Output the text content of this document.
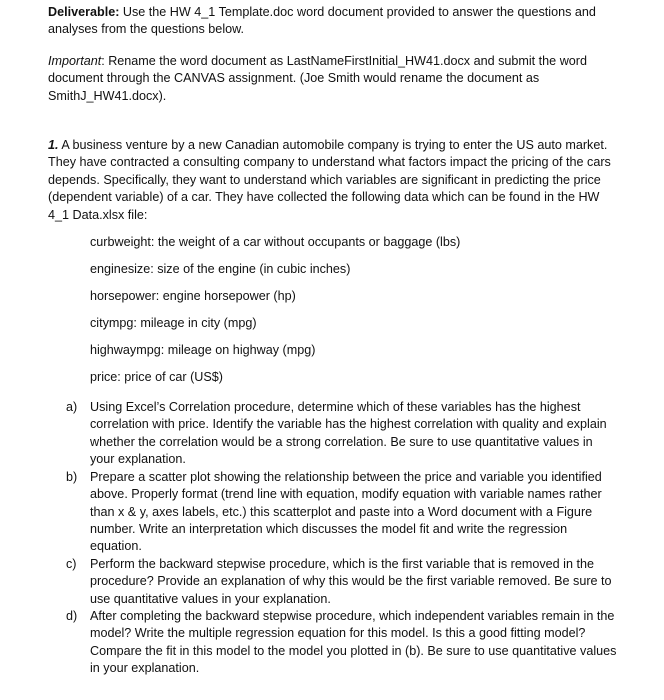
Deliverable: Use the HW 4_1 Template.doc word document provided to answer the questions and analyses from the questions below.

Important: Rename the word document as LastNameFirstInitial_HW41.docx and submit the word document through the CANVAS assignment. (Joe Smith would rename the document as SmithJ_HW41.docx).

1. A business venture by a new Canadian automobile company is trying to enter the US auto market. They have contracted a consulting company to understand what factors impact the pricing of the cars depends. Specifically, they want to understand which variables are significant in predicting the price (dependent variable) of a car. They have collected the following data which can be found in the HW 4_1 Data.xlsx file:

curbweight: the weight of a car without occupants or baggage (lbs)
enginesize: size of the engine (in cubic inches)
horsepower: engine horsepower (hp)
citympg: mileage in city (mpg)
highwaympg: mileage on highway (mpg)
price: price of car (US$)
a)	Using Excel’s Correlation procedure, determine which of these variables has the highest correlation with price. Identify the variable has the highest correlation with quality and explain whether the correlation would be a strong correlation. Be sure to use quantitative values in your explanation.
b)	Prepare a scatter plot showing the relationship between the price and variable you identified above. Properly format (trend line with equation, modify equation with variable names rather than x & y, axes labels, etc.) this scatterplot and paste into a Word document with a Figure number. Write an interpretation which discusses the model fit and write the regression equation.
c)	Perform the backward stepwise procedure, which is the first variable that is removed in the procedure? Provide an explanation of why this would be the first variable removed. Be sure to use quantitative values in your explanation.
d)	After completing the backward stepwise procedure, which independent variables remain in the model? Write the multiple regression equation for this model. Is this a good fitting model? Compare the fit in this model to the model you plotted in (b). Be sure to use quantitative values in your explanation.
